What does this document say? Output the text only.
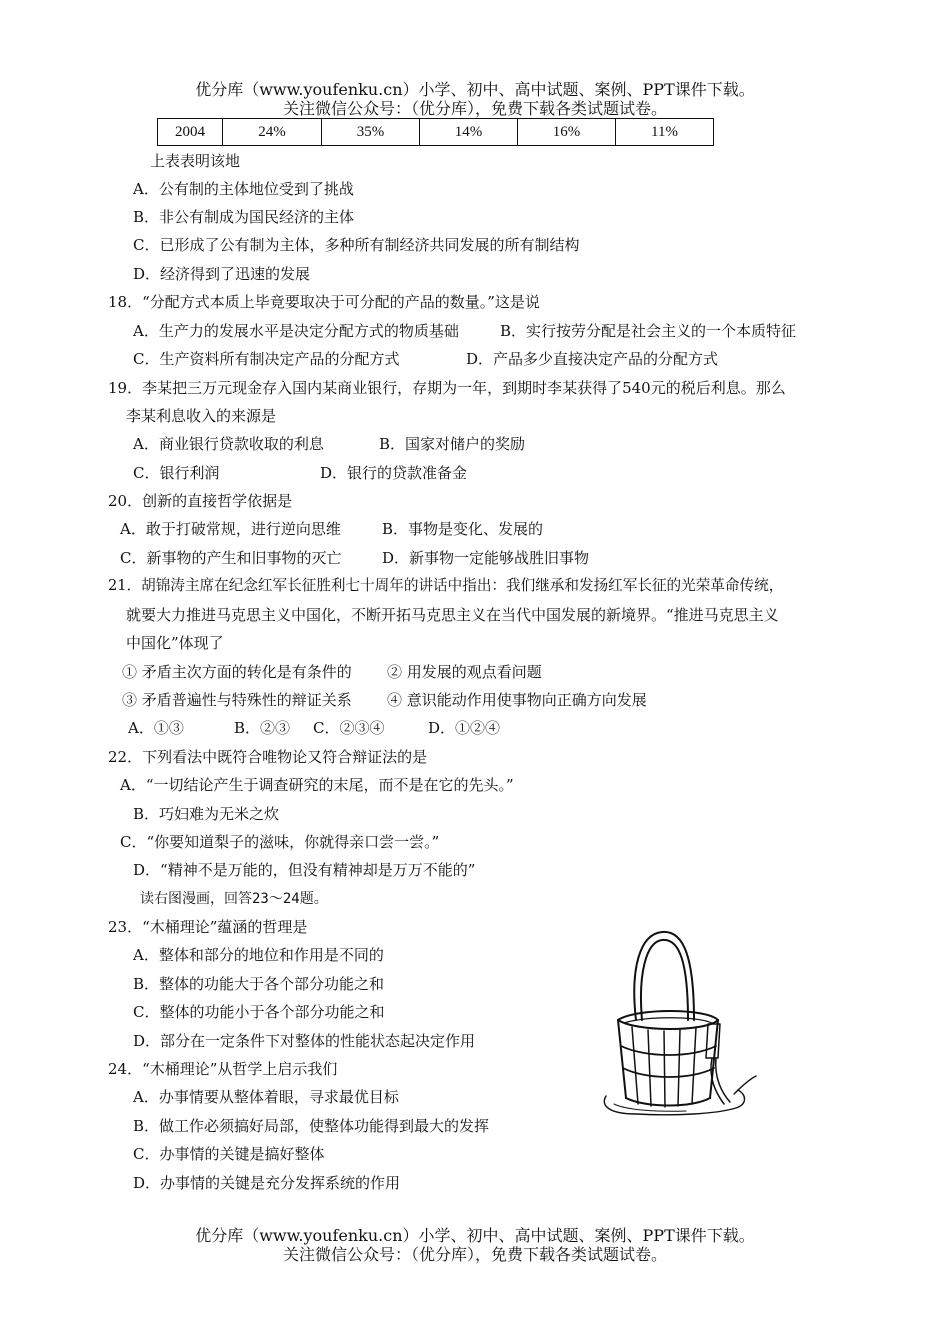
优分库（www.youfenku.cn）小学、初中、高中试题、案例、PPT课件下载。
关注微信公众号：（优分库），免费下载各类试题试卷。
2004	24%	35%	14%	16%	11%
上表表明该地
A．公有制的主体地位受到了挑战
B．非公有制成为国民经济的主体
C．已形成了公有制为主体，多种所有制经济共同发展的所有制结构
D．经济得到了迅速的发展
18．“分配方式本质上毕竟要取决于可分配的产品的数量。”这是说
A．生产力的发展水平是决定分配方式的物质基础	B．实行按劳分配是社会主义的一个本质特征
C．生产资料所有制决定产品的分配方式	D．产品多少直接决定产品的分配方式
19．李某把三万元现金存入国内某商业银行，存期为一年，到期时李某获得了540元的税后利息。那么
李某利息收入的来源是
A．商业银行贷款收取的利息	B．国家对储户的奖励
C．银行利润	D．银行的贷款准备金
20．创新的直接哲学依据是
A．敢于打破常规，进行逆向思维	B．事物是变化、发展的
C．新事物的产生和旧事物的灭亡	D．新事物一定能够战胜旧事物
21．胡锦涛主席在纪念红军长征胜利七十周年的讲话中指出：我们继承和发扬红军长征的光荣革命传统，
就要大力推进马克思主义中国化，不断开拓马克思主义在当代中国发展的新境界。“推进马克思主义
中国化”体现了
① 矛盾主次方面的转化是有条件的 ② 用发展的观点看问题
③ 矛盾普遍性与特殊性的辩证关系 ④ 意识能动作用使事物向正确方向发展
A．①③	B．②③ C．②③④	D．①②④
22．下列看法中既符合唯物论又符合辩证法的是
A．“一切结论产生于调查研究的末尾，而不是在它的先头。”
B．巧妇难为无米之炊
C．“你要知道梨子的滋味，你就得亲口尝一尝。”
D．“精神不是万能的，但没有精神却是万万不能的”
读右图漫画，回答23～24题。
23．“木桶理论”蕴涵的哲理是
A．整体和部分的地位和作用是不同的
B．整体的功能大于各个部分功能之和
C．整体的功能小于各个部分功能之和
D．部分在一定条件下对整体的性能状态起决定作用
24．“木桶理论”从哲学上启示我们
A．办事情要从整体着眼，寻求最优目标
B．做工作必须搞好局部，使整体功能得到最大的发挥
C．办事情的关键是搞好整体
D．办事情的关键是充分发挥系统的作用
优分库（www.youfenku.cn）小学、初中、高中试题、案例、PPT课件下载。
关注微信公众号：（优分库），免费下载各类试题试卷。
